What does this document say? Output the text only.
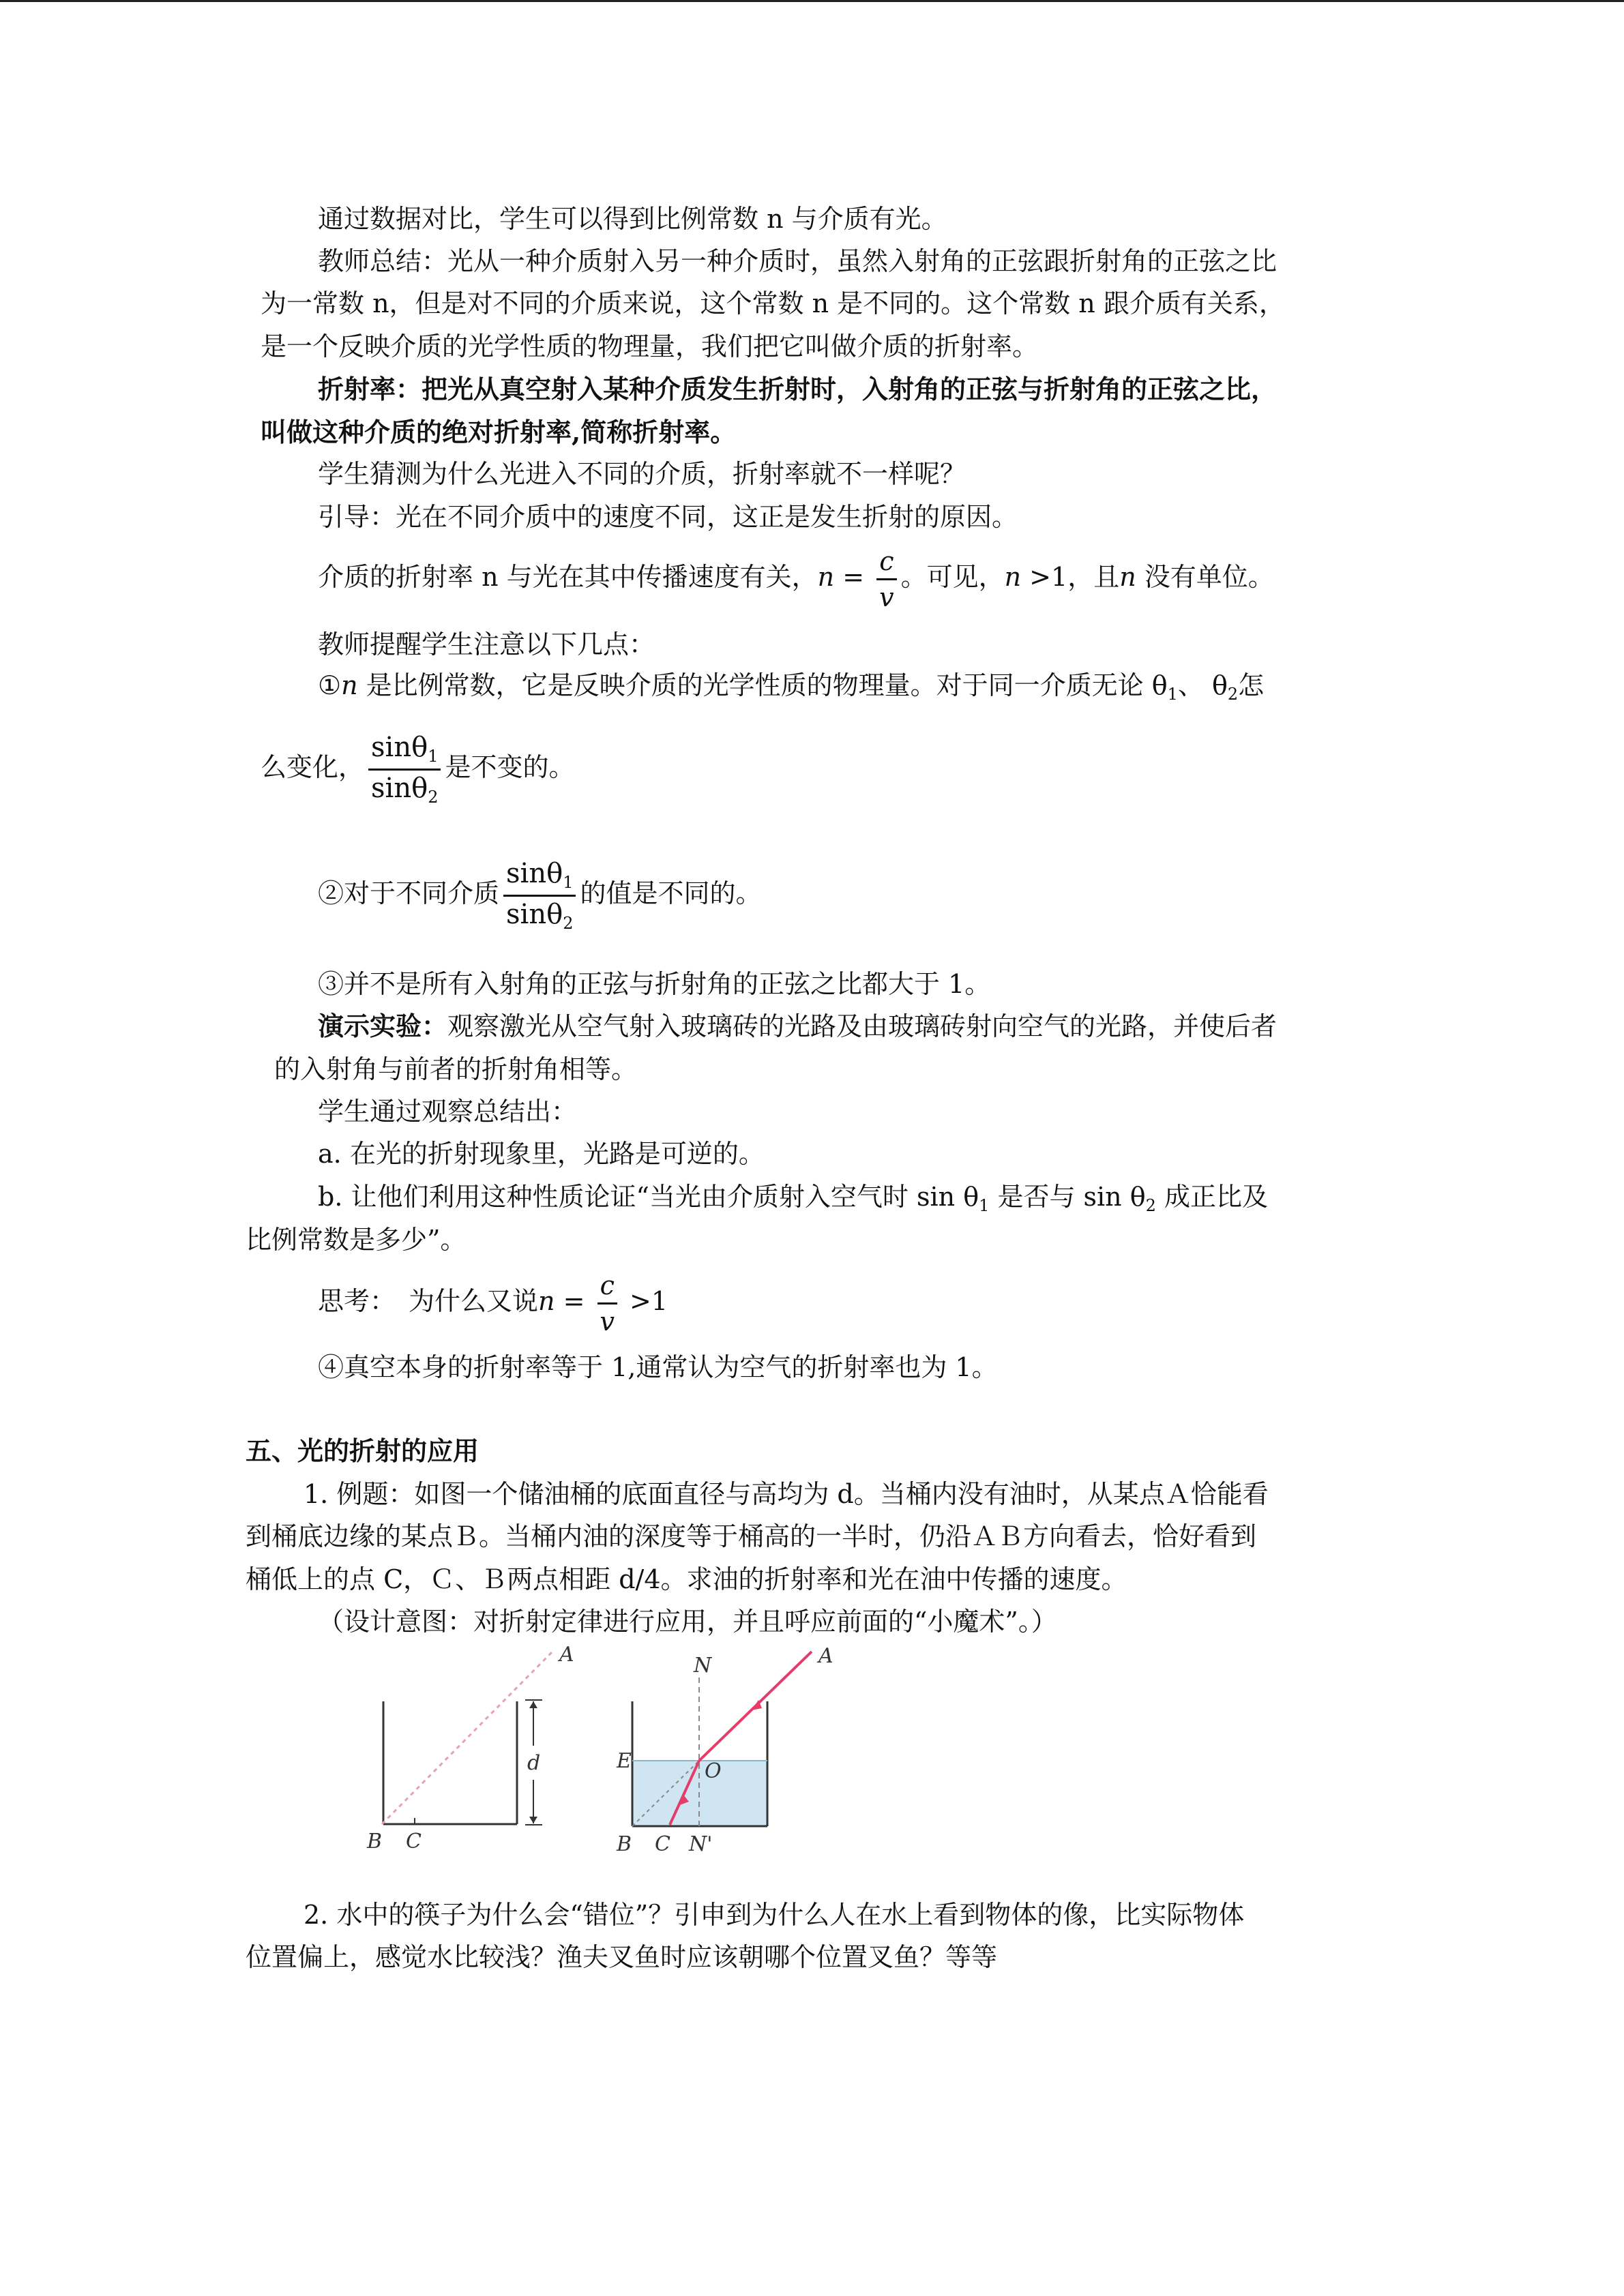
通过数据对比，学生可以得到比例常数 n 与介质有光。
教师总结：光从一种介质射入另一种介质时，虽然入射角的正弦跟折射角的正弦之比
为一常数 n，但是对不同的介质来说，这个常数 n 是不同的。这个常数 n 跟介质有关系，
是一个反映介质的光学性质的物理量，我们把它叫做介质的折射率。
折射率：把光从真空射入某种介质发生折射时，入射角的正弦与折射角的正弦之比，
叫做这种介质的绝对折射率,简称折射率。
学生猜测为什么光进入不同的介质，折射率就不一样呢？
引导：光在不同介质中的速度不同，这正是发生折射的原因。
介质的折射率 n 与光在其中传播速度有关，$n = \frac{c}{v}$ 。可见，n >1，且n 没有单位。
教师提醒学生注意以下几点：
①n 是比例常数，它是反映介质的光学性质的物理量。对于同一介质无论 $\theta_1$、 $\theta_2$怎
么变化， $\frac{\sin\theta_1}{\sin\theta_2}$ 是不变的。
②对于不同介质 $\frac{\sin\theta_1}{\sin\theta_2}$ 的值是不同的。
③并不是所有入射角的正弦与折射角的正弦之比都大于 1。
演示实验：观察激光从空气射入玻璃砖的光路及由玻璃砖射向空气的光路，并使后者
的入射角与前者的折射角相等。
学生通过观察总结出：
a. 在光的折射现象里，光路是可逆的。
b. 让他们利用这种性质论证“当光由介质射入空气时 $\sin \theta_1$ 是否与 $\sin \theta_2$ 成正比及
比例常数是多少”。
思考：　为什么又说$n = \frac{c}{v} >1$
④真空本身的折射率等于 1,通常认为空气的折射率也为 1。
五、光的折射的应用
1. 例题：如图一个储油桶的底面直径与高均为 d。当桶内没有油时，从某点Ａ恰能看
到桶底边缘的某点Ｂ。当桶内油的深度等于桶高的一半时，仍沿ＡＢ方向看去，恰好看到
桶低上的点 C，Ｃ、Ｂ两点相距 d/4。求油的折射率和光在油中传播的速度。
（设计意图：对折射定律进行应用，并且呼应前面的“小魔术”。）
A
d
B C
N	A
E	O
B C N'
2. 水中的筷子为什么会“错位”？引申到为什么人在水上看到物体的像，比实际物体
位置偏上，感觉水比较浅？渔夫叉鱼时应该朝哪个位置叉鱼？等等
